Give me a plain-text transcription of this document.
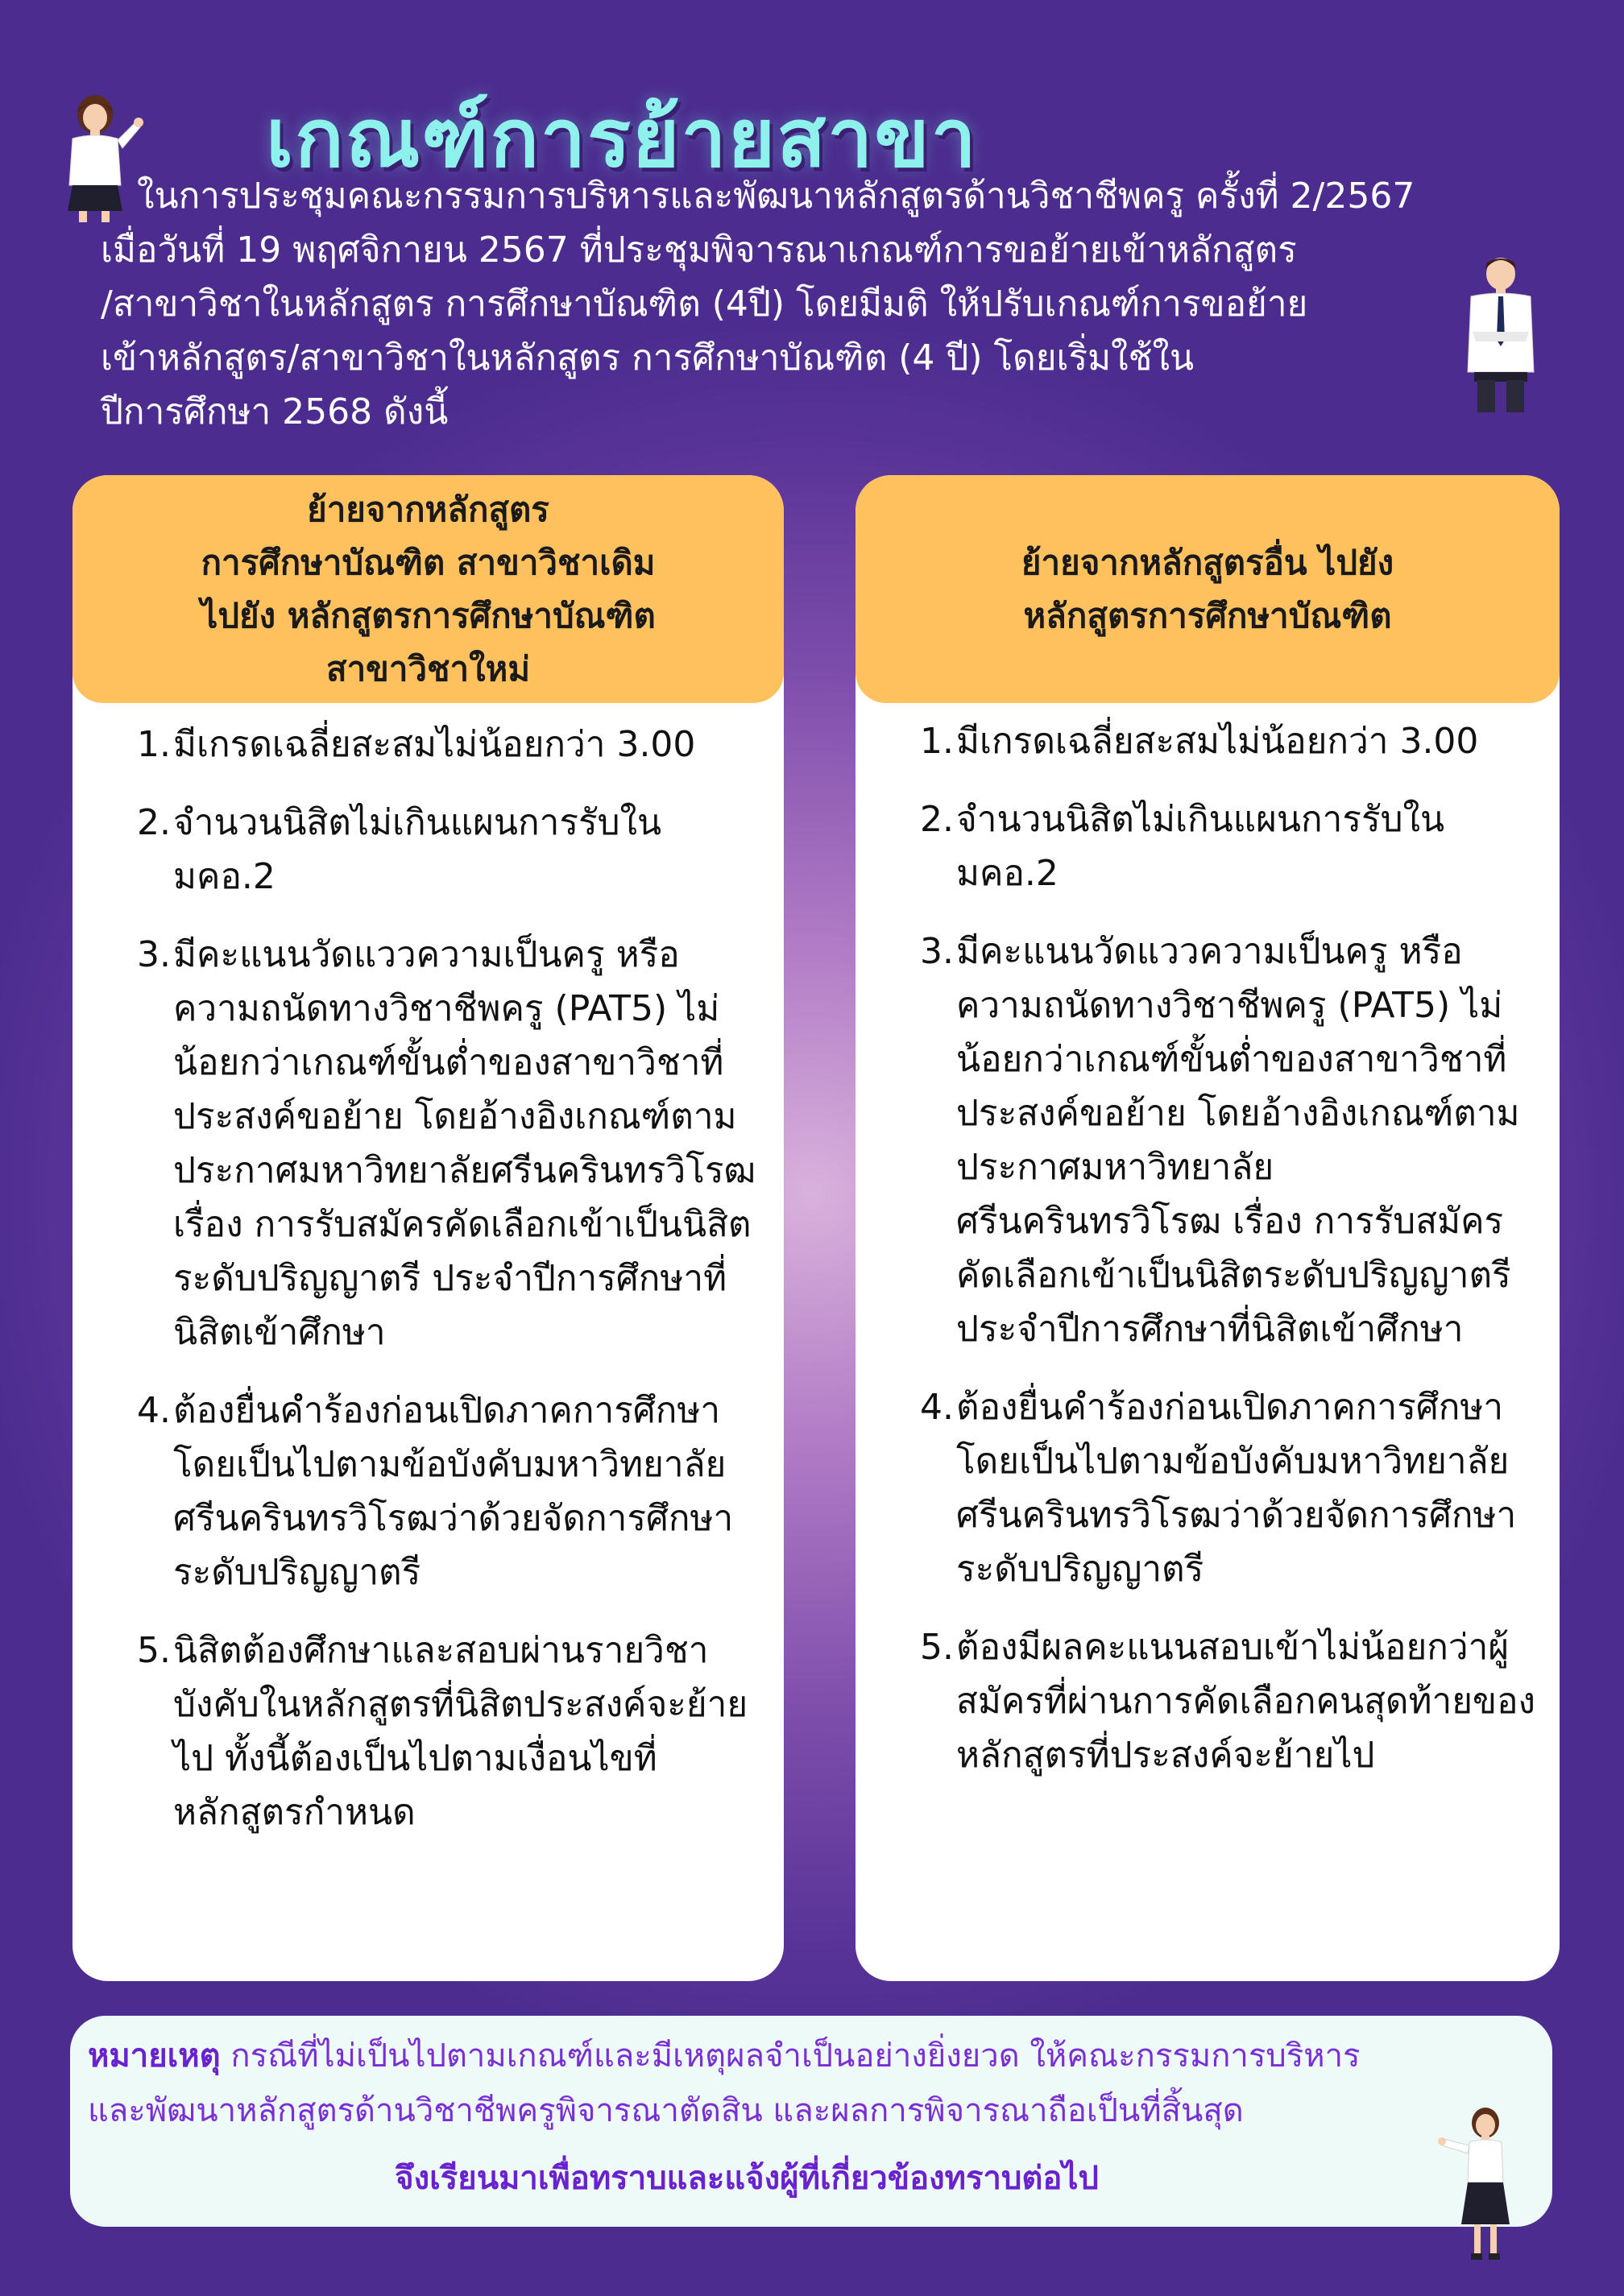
เกณฑ์การย้ายสาขา
ในการประชุมคณะกรรมการบริหารและพัฒนาหลักสูตรด้านวิชาชีพครู ครั้งที่ 2/2567
เมื่อวันที่ 19 พฤศจิกายน 2567 ที่ประชุมพิจารณาเกณฑ์การขอย้ายเข้าหลักสูตร
/สาขาวิชาในหลักสูตร การศึกษาบัณฑิต (4ปี) โดยมีมติ ให้ปรับเกณฑ์การขอย้าย
เข้าหลักสูตร/สาขาวิชาในหลักสูตร การศึกษาบัณฑิต (4 ปี) โดยเริ่มใช้ใน
ปีการศึกษา 2568 ดังนี้
ย้ายจากหลักสูตร
การศึกษาบัณฑิต สาขาวิชาเดิม
ไปยัง หลักสูตรการศึกษาบัณฑิต
สาขาวิชาใหม่
1. มีเกรดเฉลี่ยสะสมไม่น้อยกว่า 3.00
2. จำนวนนิสิตไม่เกินแผนการรับใน มคอ.2
3. มีคะแนนวัดแววความเป็นครู หรือความถนัดทางวิชาชีพครู (PAT5) ไม่น้อยกว่าเกณฑ์ขั้นต่ำของสาขาวิชาที่ประสงค์ขอย้าย โดยอ้างอิงเกณฑ์ตามประกาศมหาวิทยาลัยศรีนครินทรวิโรฒ เรื่อง การรับสมัครคัดเลือกเข้าเป็นนิสิตระดับปริญญาตรี ประจำปีการศึกษาที่นิสิตเข้าศึกษา
4. ต้องยื่นคำร้องก่อนเปิดภาคการศึกษาโดยเป็นไปตามข้อบังคับมหาวิทยาลัยศรีนครินทรวิโรฒว่าด้วยจัดการศึกษาระดับปริญญาตรี
5. นิสิตต้องศึกษาและสอบผ่านรายวิชาบังคับในหลักสูตรที่นิสิตประสงค์จะย้ายไป ทั้งนี้ต้องเป็นไปตามเงื่อนไขที่หลักสูตรกำหนด
ย้ายจากหลักสูตรอื่น ไปยัง
หลักสูตรการศึกษาบัณฑิต
1. มีเกรดเฉลี่ยสะสมไม่น้อยกว่า 3.00
2. จำนวนนิสิตไม่เกินแผนการรับใน มคอ.2
3. มีคะแนนวัดแววความเป็นครู หรือความถนัดทางวิชาชีพครู (PAT5) ไม่น้อยกว่าเกณฑ์ขั้นต่ำของสาขาวิชาที่ประสงค์ขอย้าย โดยอ้างอิงเกณฑ์ตามประกาศมหาวิทยาลัยศรีนครินทรวิโรฒ เรื่อง การรับสมัครคัดเลือกเข้าเป็นนิสิตระดับปริญญาตรี ประจำปีการศึกษาที่นิสิตเข้าศึกษา
4. ต้องยื่นคำร้องก่อนเปิดภาคการศึกษาโดยเป็นไปตามข้อบังคับมหาวิทยาลัยศรีนครินทรวิโรฒว่าด้วยจัดการศึกษาระดับปริญญาตรี
5. ต้องมีผลคะแนนสอบเข้าไม่น้อยกว่าผู้สมัครที่ผ่านการคัดเลือกคนสุดท้ายของหลักสูตรที่ประสงค์จะย้ายไป
หมายเหตุ กรณีที่ไม่เป็นไปตามเกณฑ์และมีเหตุผลจำเป็นอย่างยิ่งยวด ให้คณะกรรมการบริหาร
และพัฒนาหลักสูตรด้านวิชาชีพครูพิจารณาตัดสิน และผลการพิจารณาถือเป็นที่สิ้นสุด
จึงเรียนมาเพื่อทราบและแจ้งผู้ที่เกี่ยวข้องทราบต่อไป
